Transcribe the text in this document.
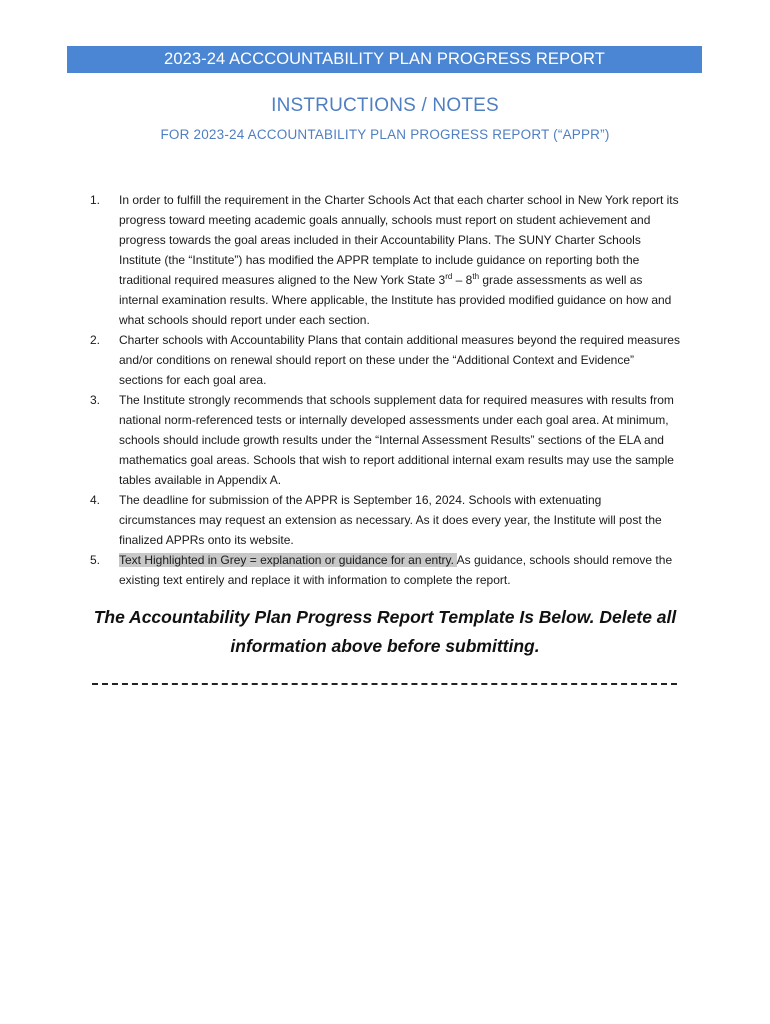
2023-24 ACCCOUNTABILITY PLAN PROGRESS REPORT
INSTRUCTIONS / NOTES
FOR 2023-24 ACCOUNTABILITY PLAN PROGRESS REPORT (“APPR”)
1.	In order to fulfill the requirement in the Charter Schools Act that each charter school in New York report its progress toward meeting academic goals annually, schools must report on student achievement and progress towards the goal areas included in their Accountability Plans. The SUNY Charter Schools Institute (the “Institute”) has modified the APPR template to include guidance on reporting both the traditional required measures aligned to the New York State 3rd – 8th grade assessments as well as internal examination results. Where applicable, the Institute has provided modified guidance on how and what schools should report under each section.
2.	Charter schools with Accountability Plans that contain additional measures beyond the required measures and/or conditions on renewal should report on these under the “Additional Context and Evidence” sections for each goal area.
3.	The Institute strongly recommends that schools supplement data for required measures with results from national norm-referenced tests or internally developed assessments under each goal area. At minimum, schools should include growth results under the “Internal Assessment Results” sections of the ELA and mathematics goal areas. Schools that wish to report additional internal exam results may use the sample tables available in Appendix A.
4.	The deadline for submission of the APPR is September 16, 2024. Schools with extenuating circumstances may request an extension as necessary. As it does every year, the Institute will post the finalized APPRs onto its website.
5.	Text Highlighted in Grey = explanation or guidance for an entry. As guidance, schools should remove the existing text entirely and replace it with information to complete the report.
The Accountability Plan Progress Report Template Is Below. Delete all information above before submitting.
